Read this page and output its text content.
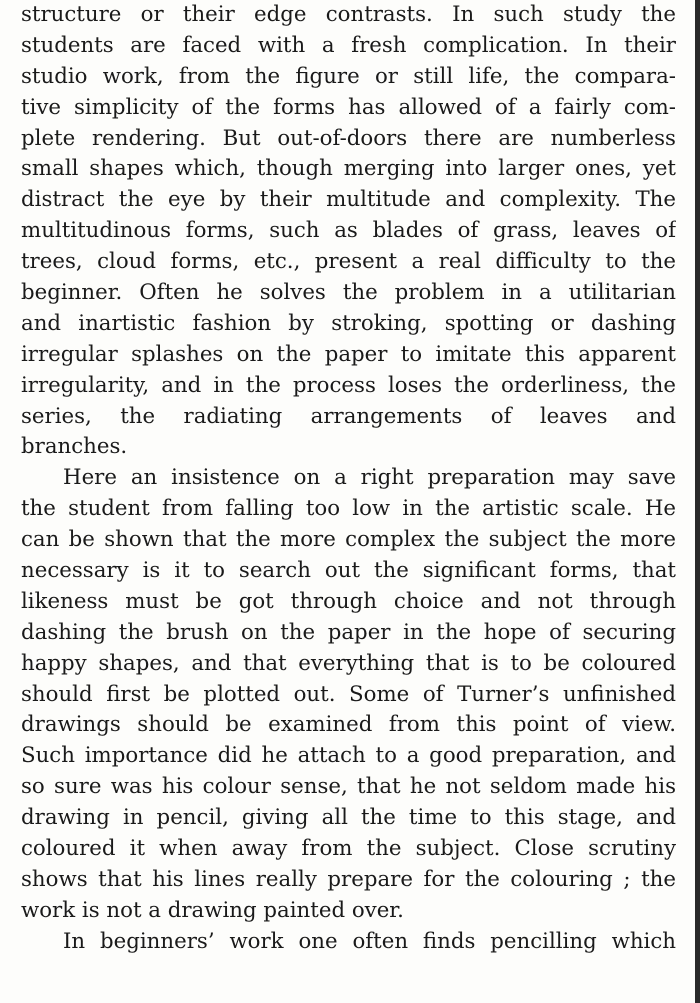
structure or their edge contrasts. In such study the
students are faced with a fresh complication. In their
studio work, from the figure or still life, the compara-
tive simplicity of the forms has allowed of a fairly com-
plete rendering. But out-of-doors there are numberless
small shapes which, though merging into larger ones, yet
distract the eye by their multitude and complexity. The
multitudinous forms, such as blades of grass, leaves of
trees, cloud forms, etc., present a real difficulty to the
beginner. Often he solves the problem in a utilitarian
and inartistic fashion by stroking, spotting or dashing
irregular splashes on the paper to imitate this apparent
irregularity, and in the process loses the orderliness, the
series, the radiating arrangements of leaves and
branches.
Here an insistence on a right preparation may save
the student from falling too low in the artistic scale. He
can be shown that the more complex the subject the more
necessary is it to search out the significant forms, that
likeness must be got through choice and not through
dashing the brush on the paper in the hope of securing
happy shapes, and that everything that is to be coloured
should first be plotted out. Some of Turner’s unfinished
drawings should be examined from this point of view.
Such importance did he attach to a good preparation, and
so sure was his colour sense, that he not seldom made his
drawing in pencil, giving all the time to this stage, and
coloured it when away from the subject. Close scrutiny
shows that his lines really prepare for the colouring ; the
work is not a drawing painted over.
In beginners’ work one often finds pencilling which
